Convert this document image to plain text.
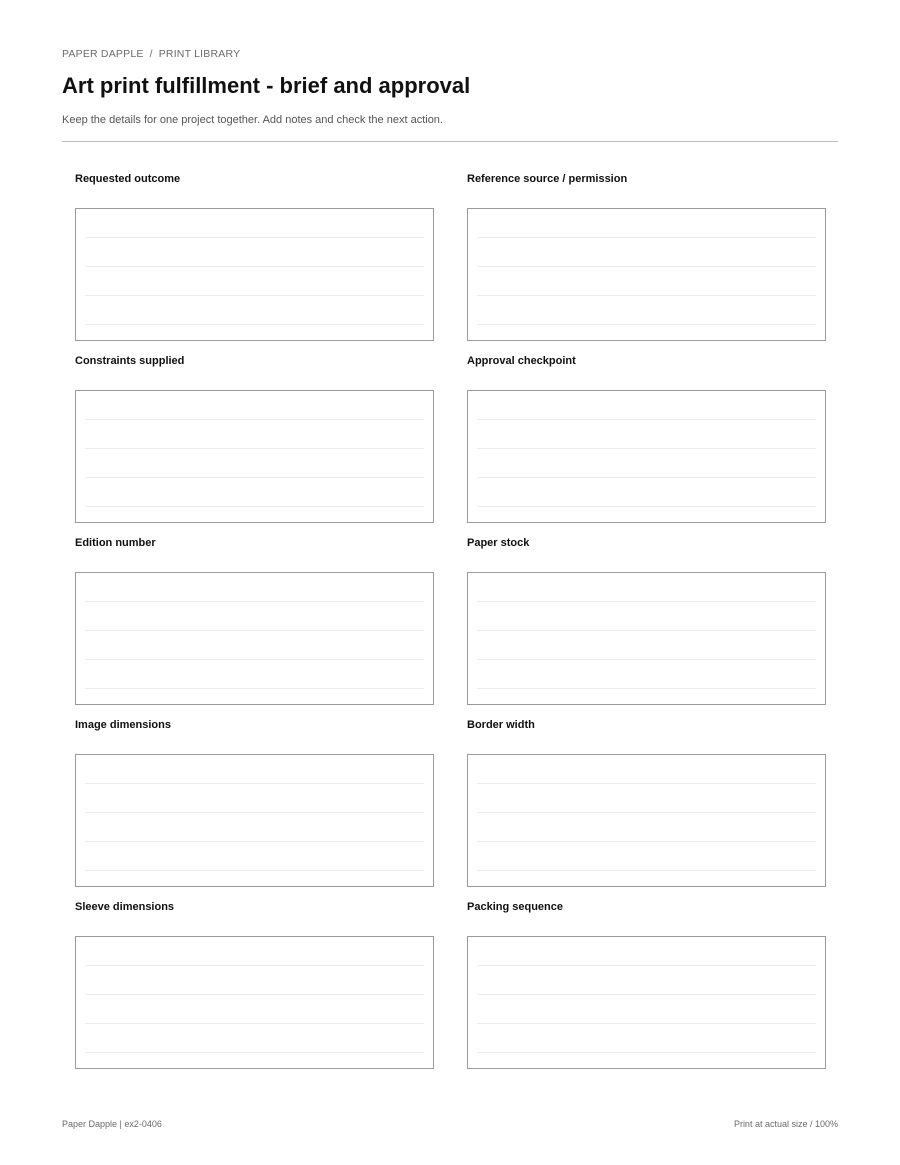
PAPER DAPPLE / PRINT LIBRARY
Art print fulfillment - brief and approval
Keep the details for one project together. Add notes and check the next action.
Requested outcome	Reference source / permission
Constraints supplied	Approval checkpoint
Edition number	Paper stock
Image dimensions	Border width
Sleeve dimensions	Packing sequence
Paper Dapple | ex2-0406	Print at actual size / 100%
